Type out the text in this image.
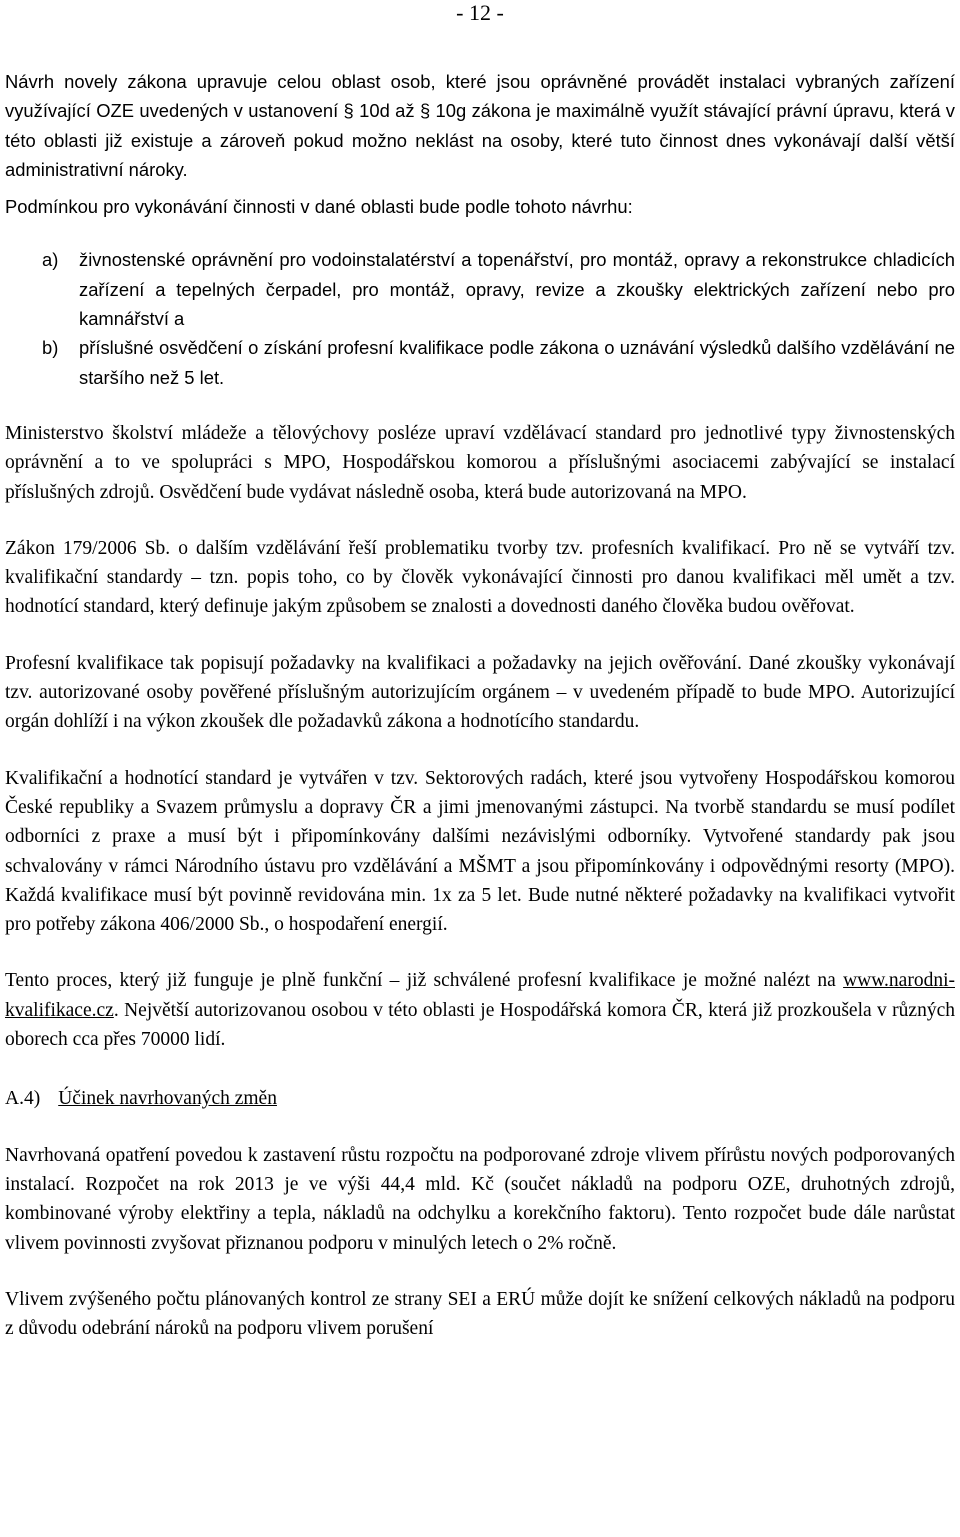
- 12 -

Návrh novely zákona upravuje celou oblast osob, které jsou oprávněné provádět instalaci vybraných zařízení využívající OZE uvedených v ustanovení § 10d až § 10g zákona je maximálně využít stávající právní úpravu, která v této oblasti již existuje a zároveň pokud možno neklást na osoby, které tuto činnost dnes vykonávají další větší administrativní nároky.

Podmínkou pro vykonávání činnosti v dané oblasti bude podle tohoto návrhu:

a) živnostenské oprávnění pro vodoinstalatérství a topenářství, pro montáž, opravy a rekonstrukce chladicích zařízení a tepelných čerpadel, pro montáž, opravy, revize a zkoušky elektrických zařízení nebo pro kamnářství a
b) příslušné osvědčení o získání profesní kvalifikace podle zákona o uznávání výsledků dalšího vzdělávání ne staršího než 5 let.

Ministerstvo školství mládeže a tělovýchovy posléze upraví vzdělávací standard pro jednotlivé typy živnostenských oprávnění a to ve spolupráci s MPO, Hospodářskou komorou a příslušnými asociacemi zabývající se instalací příslušných zdrojů. Osvědčení bude vydávat následně osoba, která bude autorizovaná na MPO.

Zákon 179/2006 Sb. o dalším vzdělávání řeší problematiku tvorby tzv. profesních kvalifikací. Pro ně se vytváří tzv. kvalifikační standardy – tzn. popis toho, co by člověk vykonávající činnosti pro danou kvalifikaci měl umět a tzv. hodnotící standard, který definuje jakým způsobem se znalosti a dovednosti daného člověka budou ověřovat.

Profesní kvalifikace tak popisují požadavky na kvalifikaci a požadavky na jejich ověřování. Dané zkoušky vykonávají tzv. autorizované osoby pověřené příslušným autorizujícím orgánem – v uvedeném případě to bude MPO. Autorizující orgán dohlíží i na výkon zkoušek dle požadavků zákona a hodnotícího standardu.

Kvalifikační a hodnotící standard je vytvářen v tzv. Sektorových radách, které jsou vytvořeny Hospodářskou komorou České republiky a Svazem průmyslu a dopravy ČR a jimi jmenovanými zástupci. Na tvorbě standardu se musí podílet odborníci z praxe a musí být i připomínkovány dalšími nezávislými odborníky. Vytvořené standardy pak jsou schvalovány v rámci Národního ústavu pro vzdělávání a MŠMT a jsou připomínkovány i odpovědnými resorty (MPO). Každá kvalifikace musí být povinně revidována min. 1x za 5 let. Bude nutné některé požadavky na kvalifikaci vytvořit pro potřeby zákona 406/2000 Sb., o hospodaření energií.

Tento proces, který již funguje je plně funkční – již schválené profesní kvalifikace je možné nalézt na www.narodni-kvalifikace.cz. Největší autorizovanou osobou v této oblasti je Hospodářská komora ČR, která již prozkoušela v různých oborech cca přes 70000 lidí.

A.4) Účinek navrhovaných změn

Navrhovaná opatření povedou k zastavení růstu rozpočtu na podporované zdroje vlivem přírůstu nových podporovaných instalací. Rozpočet na rok 2013 je ve výši 44,4 mld. Kč (součet nákladů na podporu OZE, druhotných zdrojů, kombinované výroby elektřiny a tepla, nákladů na odchylku a korekčního faktoru). Tento rozpočet bude dále narůstat vlivem povinnosti zvyšovat přiznanou podporu v minulých letech o 2% ročně.

Vlivem zvýšeného počtu plánovaných kontrol ze strany SEI a ERÚ může dojít ke snížení celkových nákladů na podporu z důvodu odebrání nároků na podporu vlivem porušení
